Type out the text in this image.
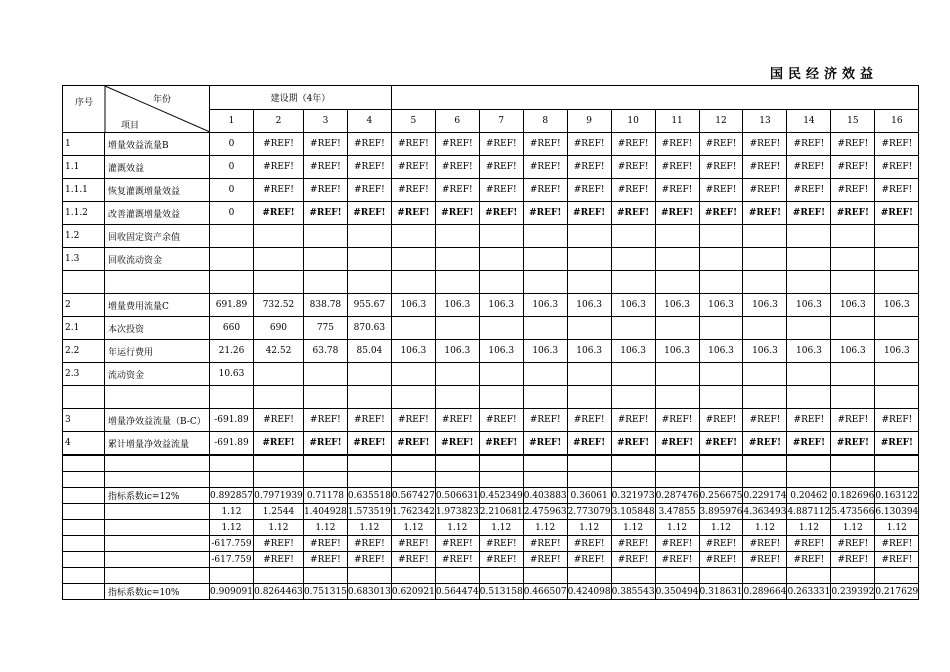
国民经济效益
序号 年份
项目		建设期（4年）															
		1	2	3	4	5	6	7	8	9	10	11	12	13	14	15	16
1	增量效益流量B	0	#REF!	#REF!	#REF!	#REF!	#REF!	#REF!	#REF!	#REF!	#REF!	#REF!	#REF!	#REF!	#REF!	#REF!	#REF!
1.1	灌溉效益	0	#REF!	#REF!	#REF!	#REF!	#REF!	#REF!	#REF!	#REF!	#REF!	#REF!	#REF!	#REF!	#REF!	#REF!	#REF!
1.1.1	恢复灌溉增量效益	0	#REF!	#REF!	#REF!	#REF!	#REF!	#REF!	#REF!	#REF!	#REF!	#REF!	#REF!	#REF!	#REF!	#REF!	#REF!
1.1.2	改善灌溉增量效益	0	#REF!	#REF!	#REF!	#REF!	#REF!	#REF!	#REF!	#REF!	#REF!	#REF!	#REF!	#REF!	#REF!	#REF!	#REF!
1.2	回收固定资产余值																
1.3	回收流动资金																

2	增量费用流量C	691.89	732.52	838.78	955.67	106.3	106.3	106.3	106.3	106.3	106.3	106.3	106.3	106.3	106.3	106.3	106.3
2.1	本次投资	660	690	775	870.63												
2.2	年运行费用	21.26	42.52	63.78	85.04	106.3	106.3	106.3	106.3	106.3	106.3	106.3	106.3	106.3	106.3	106.3	106.3
2.3	流动资金	10.63															

3	增量净效益流量（B-C）	-691.89	#REF!	#REF!	#REF!	#REF!	#REF!	#REF!	#REF!	#REF!	#REF!	#REF!	#REF!	#REF!	#REF!	#REF!	#REF!
4	累计增量净效益流量	-691.89	#REF!	#REF!	#REF!	#REF!	#REF!	#REF!	#REF!	#REF!	#REF!	#REF!	#REF!	#REF!	#REF!	#REF!	#REF!

	指标系数ic=12%	0.892857	0.7971939	0.71178	0.635518	0.567427	0.506631	0.452349	0.403883	0.36061	0.321973	0.287476	0.256675	0.229174	0.20462	0.182696	0.163122
		1.12	1.2544	1.404928	1.573519	1.762342	1.973823	2.210681	2.475963	2.773079	3.105848	3.47855	3.895976	4.363493	4.887112	5.473566	6.130394
		1.12	1.12	1.12	1.12	1.12	1.12	1.12	1.12	1.12	1.12	1.12	1.12	1.12	1.12	1.12	1.12
		-617.759	#REF!	#REF!	#REF!	#REF!	#REF!	#REF!	#REF!	#REF!	#REF!	#REF!	#REF!	#REF!	#REF!	#REF!	#REF!
		-617.759	#REF!	#REF!	#REF!	#REF!	#REF!	#REF!	#REF!	#REF!	#REF!	#REF!	#REF!	#REF!	#REF!	#REF!	#REF!

	指标系数ic=10%	0.909091	0.8264463	0.751315	0.683013	0.620921	0.564474	0.513158	0.466507	0.424098	0.385543	0.350494	0.318631	0.289664	0.263331	0.239392	0.217629
